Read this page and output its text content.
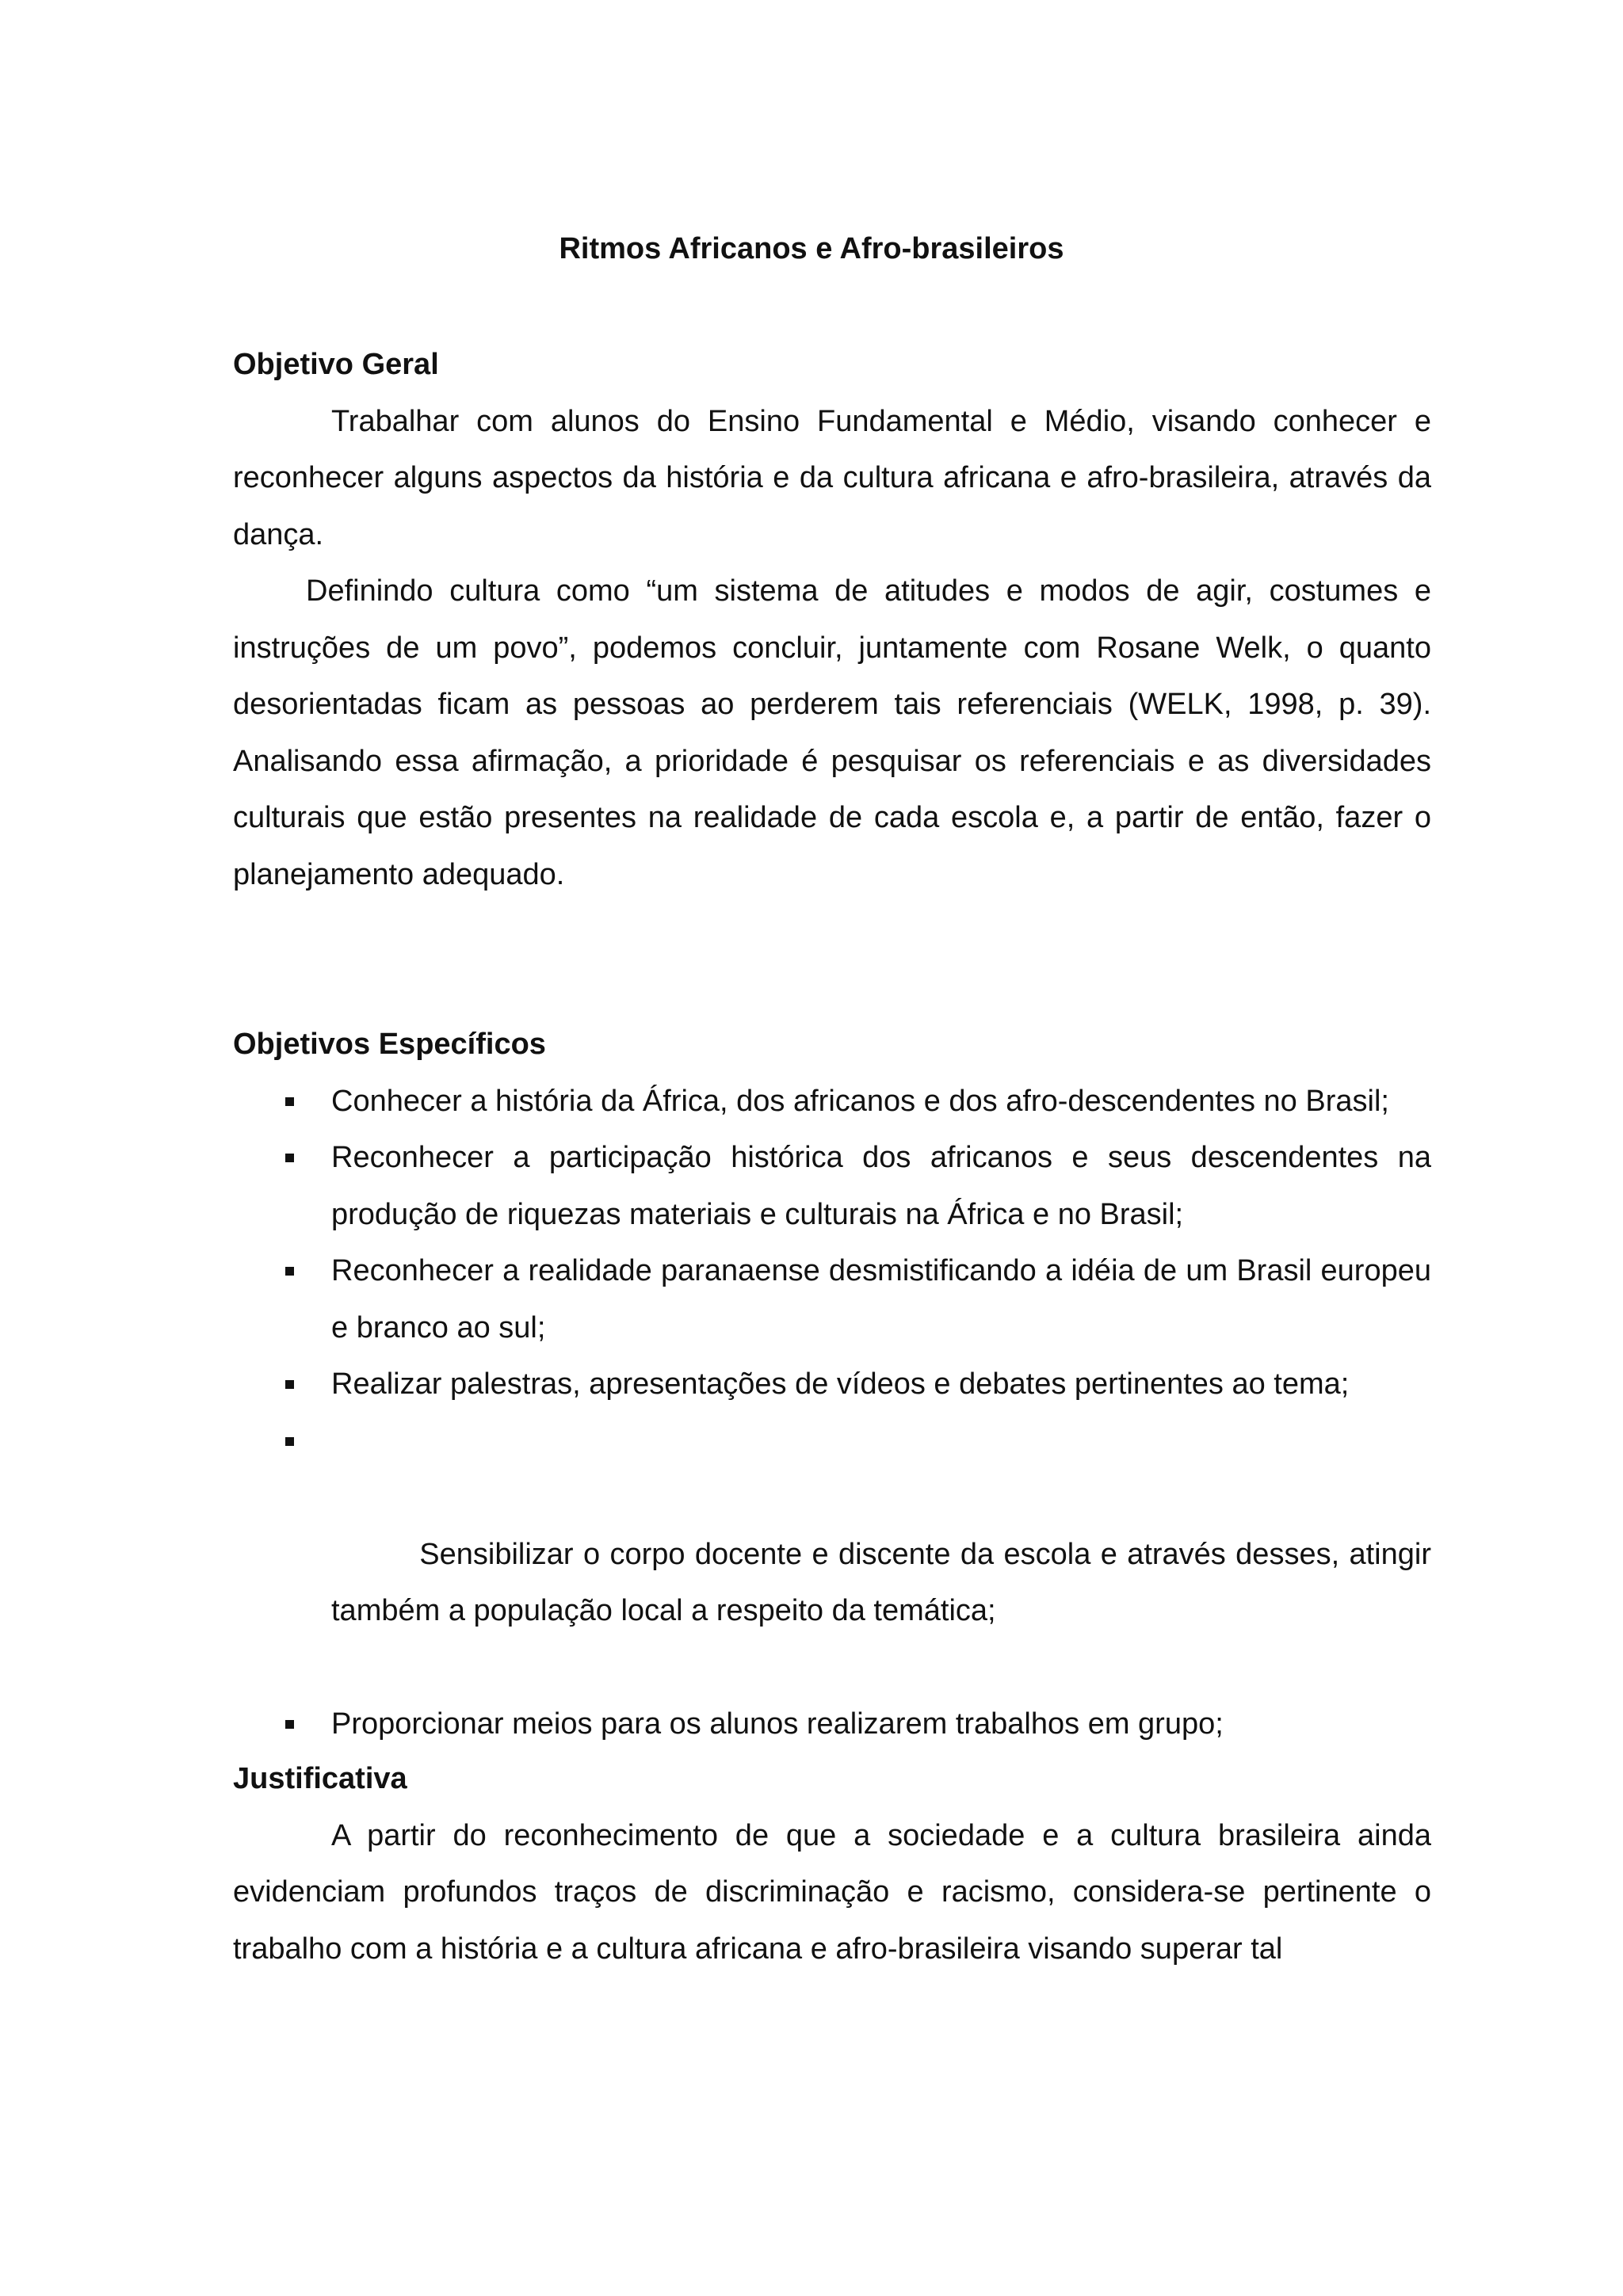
Ritmos Africanos e Afro-brasileiros
Objetivo Geral

Trabalhar com alunos do Ensino Fundamental e Médio, visando conhecer e reconhecer alguns aspectos da história e da cultura africana e afro-brasileira, através da dança.

Definindo cultura como “um sistema de atitudes e modos de agir, costumes e instruções de um povo”, podemos concluir, juntamente com Rosane Welk, o quanto desorientadas ficam as pessoas ao perderem tais referenciais (WELK, 1998, p. 39). Analisando essa afirmação, a prioridade é pesquisar os referenciais e as diversidades culturais que estão presentes na realidade de cada escola e, a partir de então, fazer o planejamento adequado.

Objetivos Específicos
Conhecer a história da África, dos africanos e dos afro-descendentes no Brasil;
Reconhecer a participação histórica dos africanos e seus descendentes na produção de riquezas materiais e culturais na África e no Brasil;
Reconhecer a realidade paranaense desmistificando a idéia de um Brasil europeu e branco ao sul;
Realizar palestras, apresentações de vídeos e debates pertinentes ao tema;

Sensibilizar o corpo docente e discente da escola e através desses, atingir também a população local a respeito da temática;

Proporcionar meios para os alunos realizarem trabalhos em grupo;
Justificativa

A partir do reconhecimento de que a sociedade e a cultura brasileira ainda evidenciam profundos traços de discriminação e racismo, considera-se pertinente o trabalho com a história e a cultura africana e afro-brasileira visando superar tal
